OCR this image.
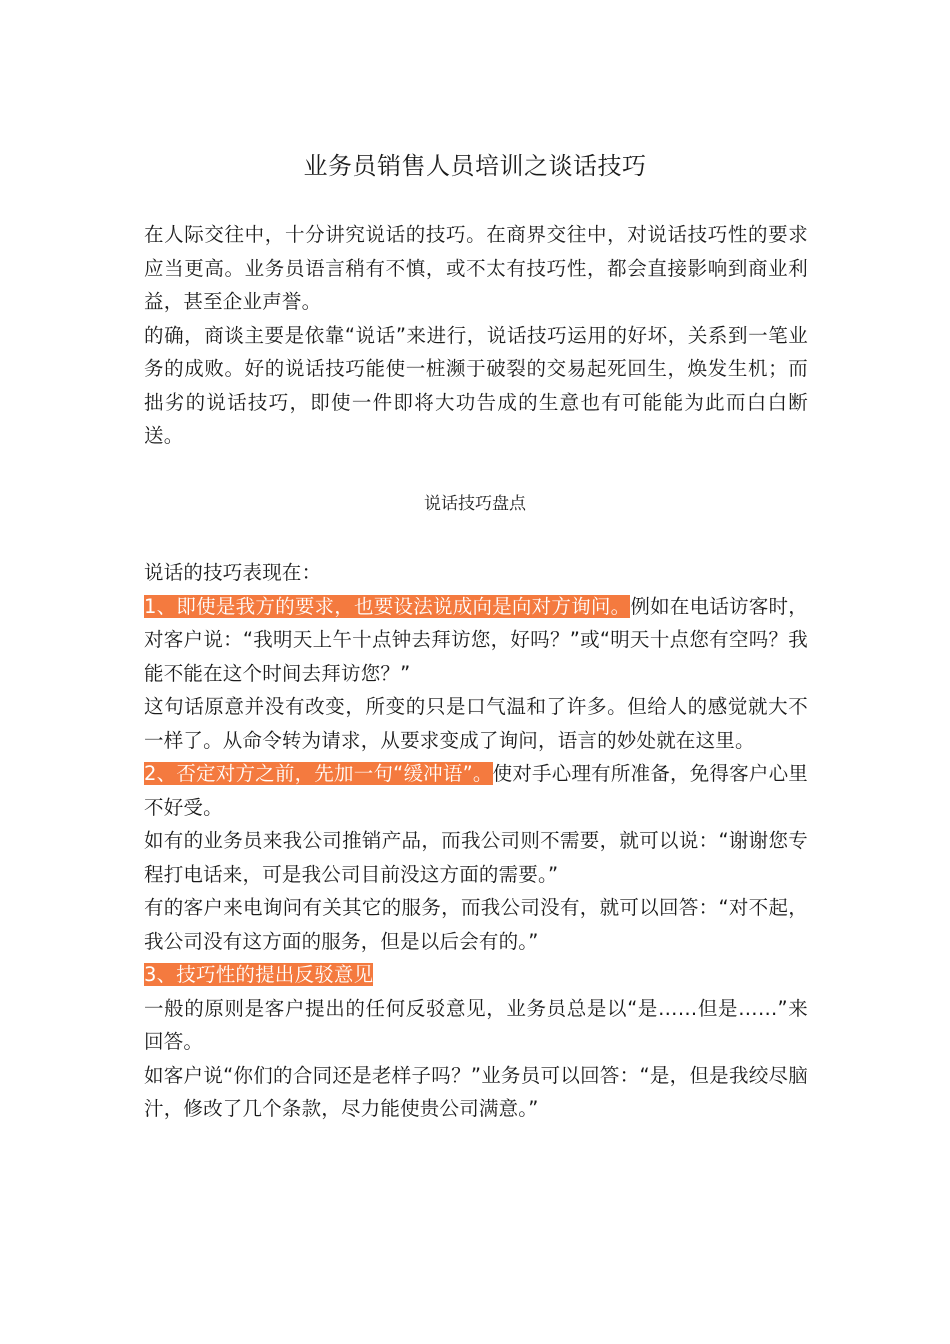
业务员销售人员培训之谈话技巧

在人际交往中，十分讲究说话的技巧。在商界交往中，对说话技巧性的要求应当更高。业务员语言稍有不慎，或不太有技巧性，都会直接影响到商业利益，甚至企业声誉。

的确，商谈主要是依靠“说话”来进行，说话技巧运用的好坏，关系到一笔业务的成败。好的说话技巧能使一桩濒于破裂的交易起死回生，焕发生机；而拙劣的说话技巧，即使一件即将大功告成的生意也有可能能为此而白白断送。

说话技巧盘点

说话的技巧表现在：

1、即使是我方的要求，也要设法说成向是向对方询问。例如在电话访客时，对客户说：“我明天上午十点钟去拜访您，好吗？”或“明天十点您有空吗？我能不能在这个时间去拜访您？”

这句话原意并没有改变，所变的只是口气温和了许多。但给人的感觉就大不一样了。从命令转为请求，从要求变成了询问，语言的妙处就在这里。

2、否定对方之前，先加一句“缓冲语”。使对手心理有所准备，免得客户心里不好受。

如有的业务员来我公司推销产品，而我公司则不需要，就可以说：“谢谢您专程打电话来，可是我公司目前没这方面的需要。”

有的客户来电询问有关其它的服务，而我公司没有，就可以回答：“对不起，我公司没有这方面的服务，但是以后会有的。”

3、技巧性的提出反驳意见

一般的原则是客户提出的任何反驳意见，业务员总是以“是……但是……”来回答。

如客户说“你们的合同还是老样子吗？”业务员可以回答：“是，但是我绞尽脑汁，修改了几个条款，尽力能使贵公司满意。”
